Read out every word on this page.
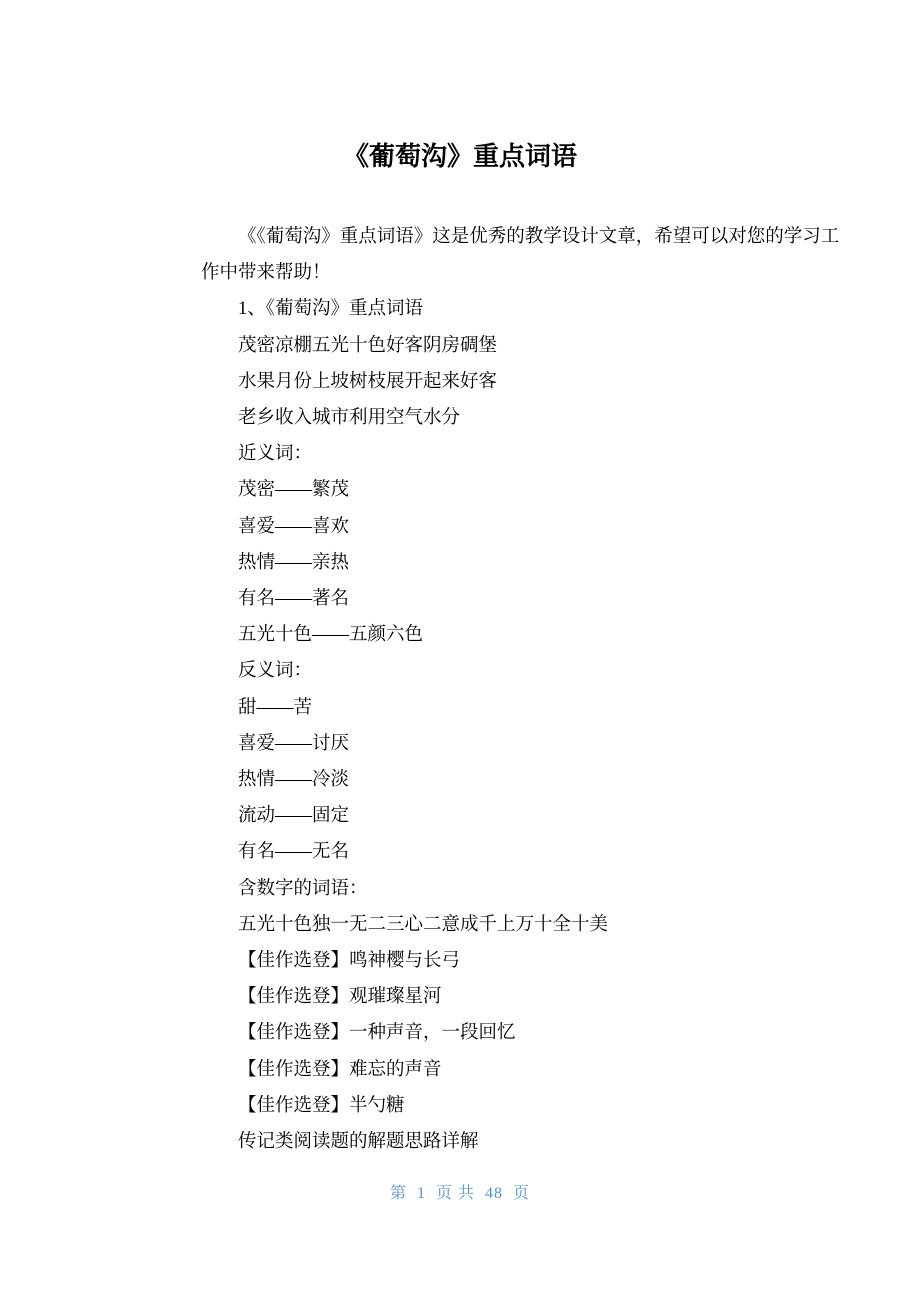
《葡萄沟》重点词语

《《葡萄沟》重点词语》这是优秀的教学设计文章，希望可以对您的学习工作中带来帮助！

1、《葡萄沟》重点词语

茂密凉棚五光十色好客阴房碉堡

水果月份上坡树枝展开起来好客

老乡收入城市利用空气水分

近义词：

茂密——繁茂

喜爱——喜欢

热情——亲热

有名——著名

五光十色——五颜六色

反义词：

甜——苦

喜爱——讨厌

热情——冷淡

流动——固定

有名——无名

含数字的词语：

五光十色独一无二三心二意成千上万十全十美

【佳作选登】鸣神樱与长弓

【佳作选登】观璀璨星河

【佳作选登】一种声音，一段回忆

【佳作选登】难忘的声音

【佳作选登】半勺糖

传记类阅读题的解题思路详解

第 1 页 共 48 页
